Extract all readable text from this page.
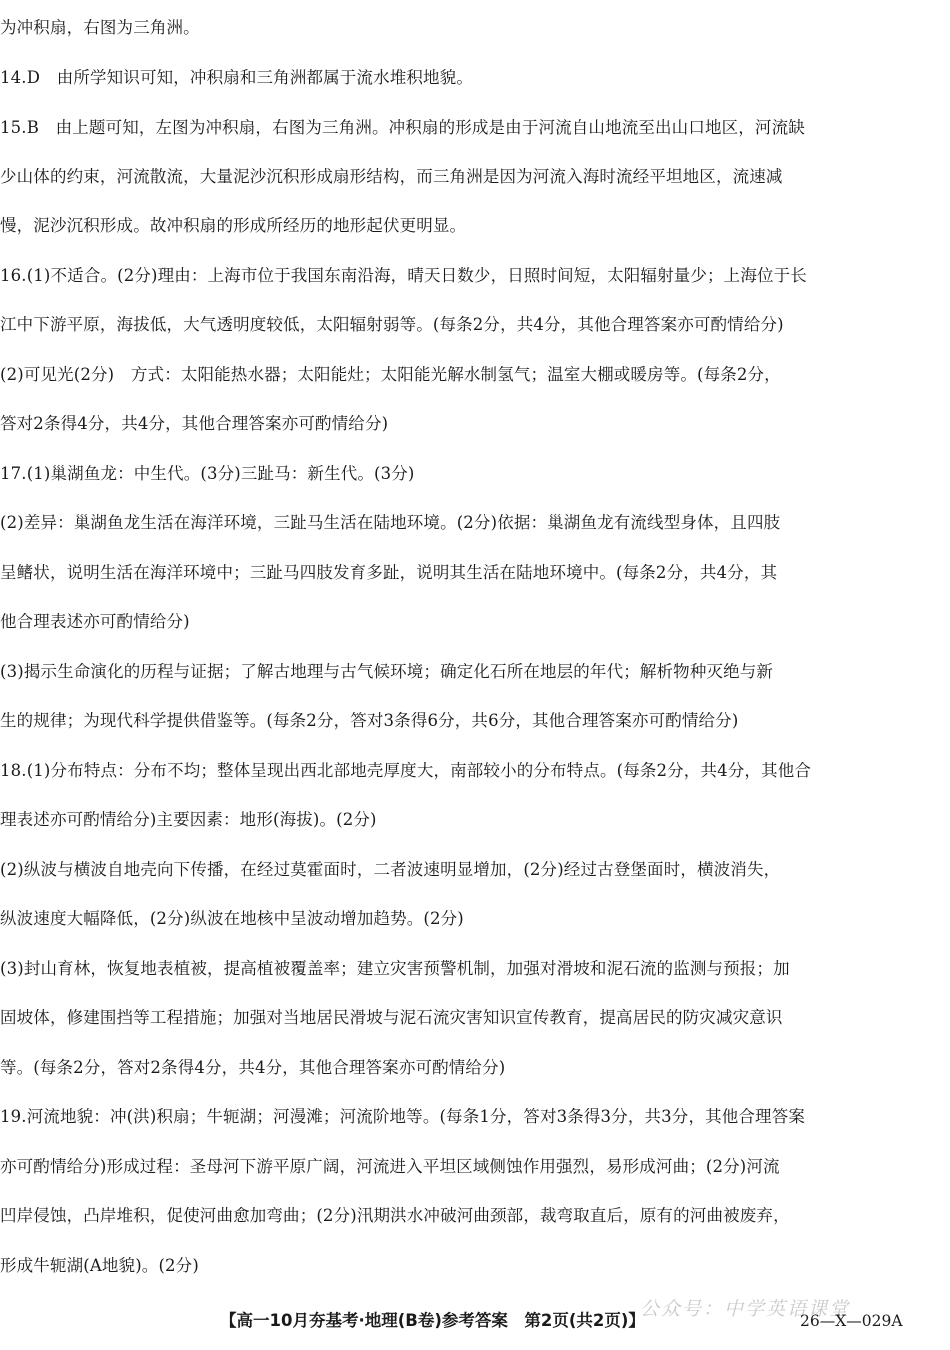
为冲积扇，右图为三角洲。
14.D　由所学知识可知，冲积扇和三角洲都属于流水堆积地貌。
15.B　由上题可知，左图为冲积扇，右图为三角洲。冲积扇的形成是由于河流自山地流至出山口地区，河流缺
少山体的约束，河流散流，大量泥沙沉积形成扇形结构，而三角洲是因为河流入海时流经平坦地区，流速减
慢，泥沙沉积形成。故冲积扇的形成所经历的地形起伏更明显。
16.(1)不适合。(2分)理由：上海市位于我国东南沿海，晴天日数少，日照时间短，太阳辐射量少；上海位于长
江中下游平原，海拔低，大气透明度较低，太阳辐射弱等。(每条2分，共4分，其他合理答案亦可酌情给分)
(2)可见光(2分)　方式：太阳能热水器；太阳能灶；太阳能光解水制氢气；温室大棚或暖房等。(每条2分，
答对2条得4分，共4分，其他合理答案亦可酌情给分)
17.(1)巢湖鱼龙：中生代。(3分)三趾马：新生代。(3分)
(2)差异：巢湖鱼龙生活在海洋环境，三趾马生活在陆地环境。(2分)依据：巢湖鱼龙有流线型身体，且四肢
呈鳍状，说明生活在海洋环境中；三趾马四肢发育多趾，说明其生活在陆地环境中。(每条2分，共4分，其
他合理表述亦可酌情给分)
(3)揭示生命演化的历程与证据；了解古地理与古气候环境；确定化石所在地层的年代；解析物种灭绝与新
生的规律；为现代科学提供借鉴等。(每条2分，答对3条得6分，共6分，其他合理答案亦可酌情给分)
18.(1)分布特点：分布不均；整体呈现出西北部地壳厚度大，南部较小的分布特点。(每条2分，共4分，其他合
理表述亦可酌情给分)主要因素：地形(海拔)。(2分)
(2)纵波与横波自地壳向下传播，在经过莫霍面时，二者波速明显增加，(2分)经过古登堡面时，横波消失，
纵波速度大幅降低，(2分)纵波在地核中呈波动增加趋势。(2分)
(3)封山育林，恢复地表植被，提高植被覆盖率；建立灾害预警机制，加强对滑坡和泥石流的监测与预报；加
固坡体，修建围挡等工程措施；加强对当地居民滑坡与泥石流灾害知识宣传教育，提高居民的防灾减灾意识
等。(每条2分，答对2条得4分，共4分，其他合理答案亦可酌情给分)
19.河流地貌：冲(洪)积扇；牛轭湖；河漫滩；河流阶地等。(每条1分，答对3条得3分，共3分，其他合理答案
亦可酌情给分)形成过程：圣母河下游平原广阔，河流进入平坦区域侧蚀作用强烈，易形成河曲；(2分)河流
凹岸侵蚀，凸岸堆积，促使河曲愈加弯曲；(2分)汛期洪水冲破河曲颈部，裁弯取直后，原有的河曲被废弃，
形成牛轭湖(A地貌)。(2分)
公众号：中学英语课堂
【高一10月夯基考·地理(B卷)参考答案　第2页(共2页)】	26—X—029A
